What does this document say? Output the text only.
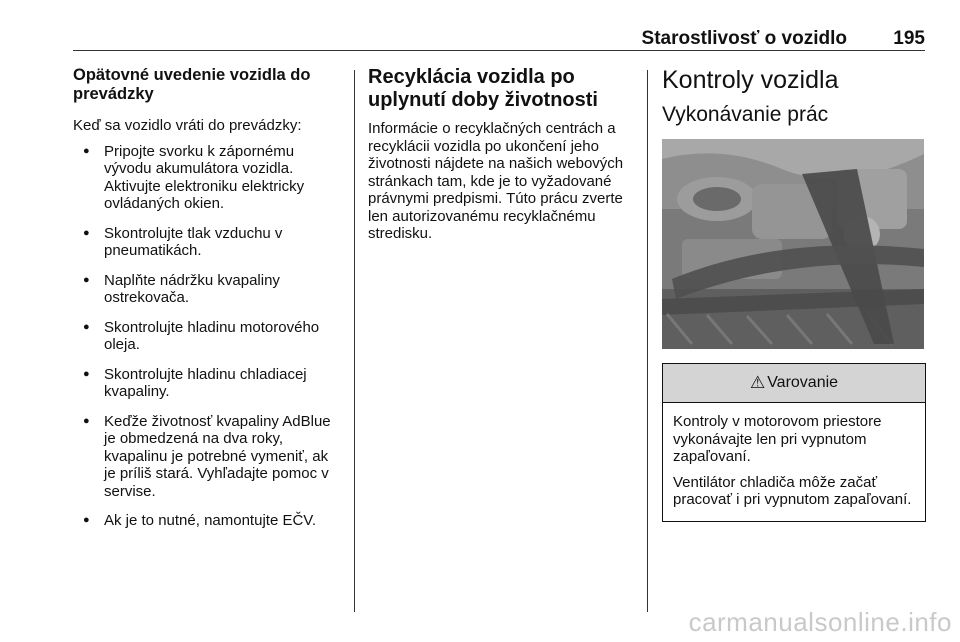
Starostlivosť o vozidlo 195
Opätovné uvedenie vozidla do prevádzky

Keď sa vozidlo vráti do prevádzky:

● Pripojte svorku k zápornému vývodu akumulátora vozidla. Aktivujte elektroniku elektricky ovládaných okien.
● Skontrolujte tlak vzduchu v pneumatikách.
● Naplňte nádržku kvapaliny ostrekovača.
● Skontrolujte hladinu motorového oleja.
● Skontrolujte hladinu chladiacej kvapaliny.
● Keďže životnosť kvapaliny AdBlue je obmedzená na dva roky, kvapalinu je potrebné vymeniť, ak je príliš stará. Vyhľadajte pomoc v servise.
● Ak je to nutné, namontujte EČV.
Recyklácia vozidla po uplynutí doby životnosti

Informácie o recyklačných centrách a recyklácii vozidla po ukončení jeho životnosti nájdete na našich webových stránkach tam, kde je to vyžadované právnymi predpismi. Túto prácu zverte len autorizovanému recyklačnému stredisku.

Kontroly vozidla
Vykonávanie prác
⚠ Varovanie

Kontroly v motorovom priestore vykonávajte len pri vypnutom zapaľovaní.

Ventilátor chladiča môže začať pracovať i pri vypnutom zapaľovaní.

carmanualsonline.info
